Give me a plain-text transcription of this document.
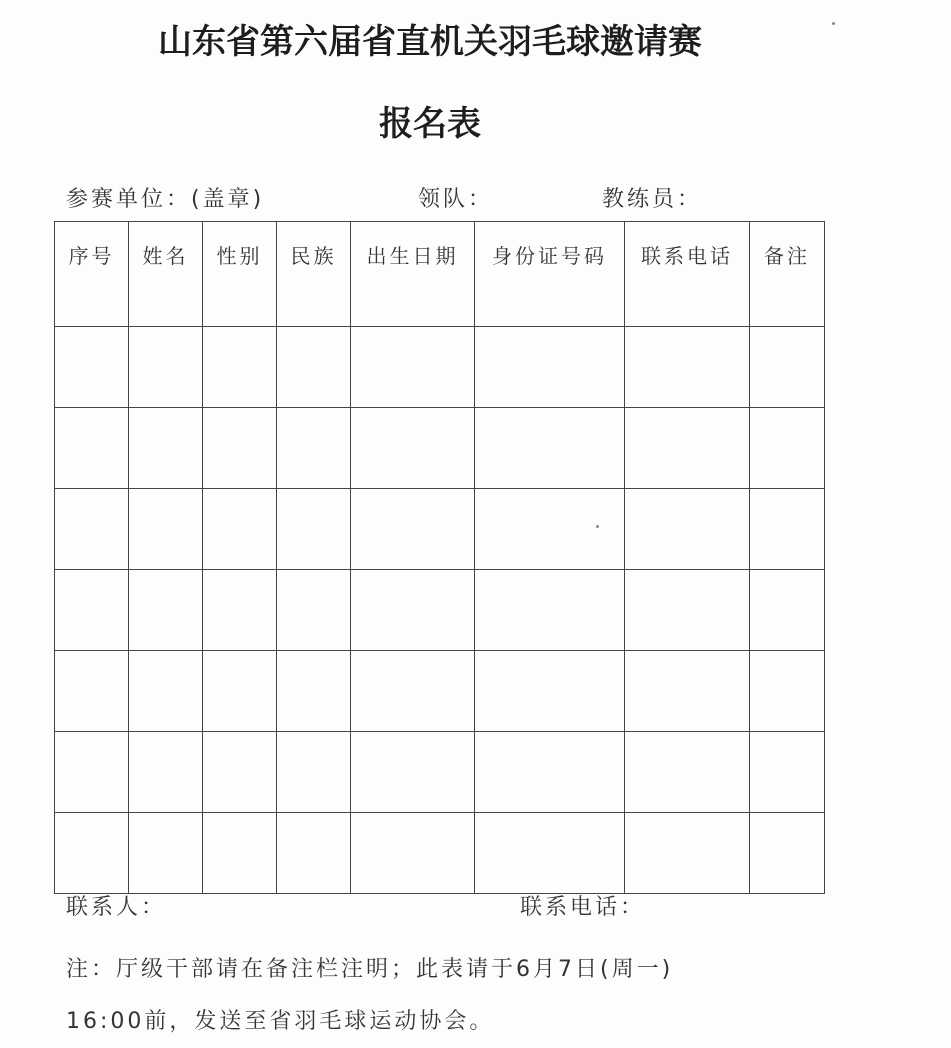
山东省第六届省直机关羽毛球邀请赛
报名表
参赛单位：(盖章)	领队：	教练员：
序号	姓名	性别	民族	出生日期	身份证号码	联系电话	备注

联系人：	联系电话：
注：厅级干部请在备注栏注明；此表请于6月7日(周一)
16:00前，发送至省羽毛球运动协会。
